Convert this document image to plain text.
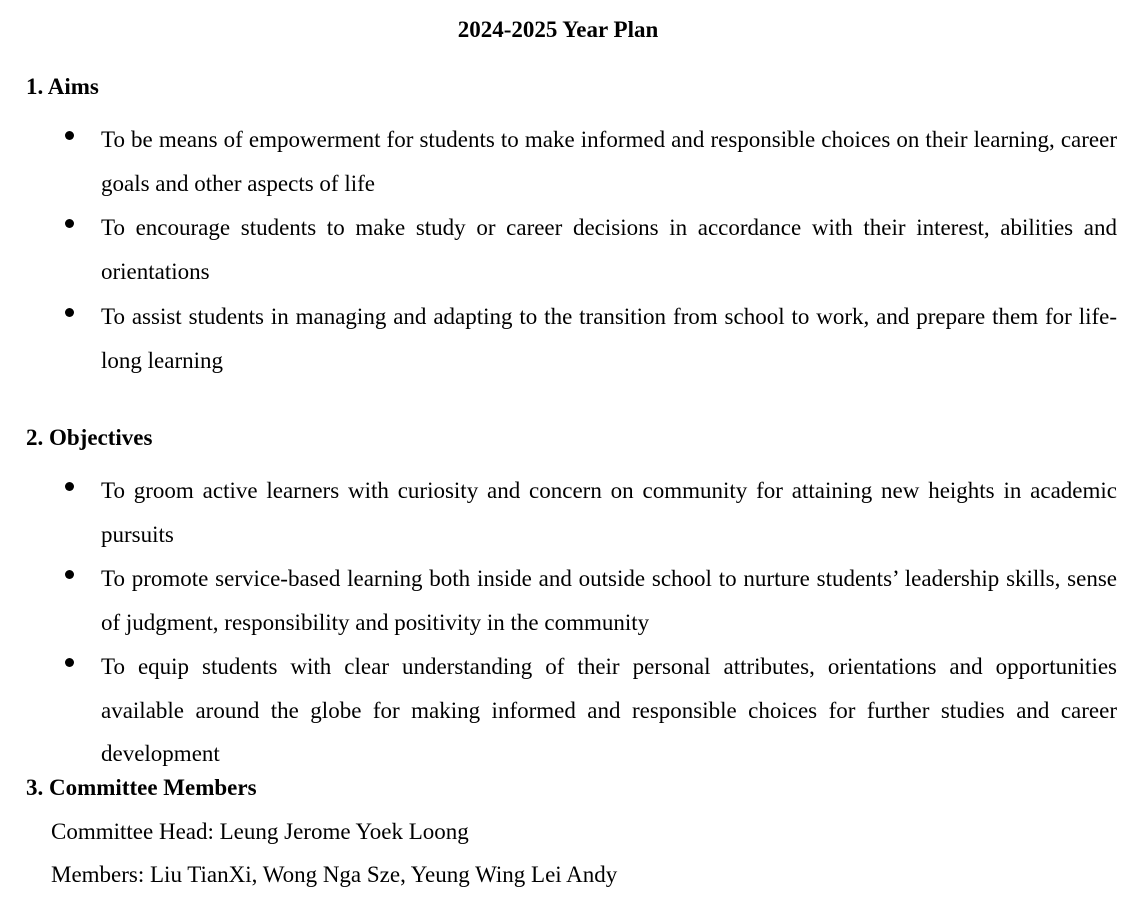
2024-2025 Year Plan
1. Aims
To be means of empowerment for students to make informed and responsible choices on their learning, career goals and other aspects of life
To encourage students to make study or career decisions in accordance with their interest, abilities and orientations
To assist students in managing and adapting to the transition from school to work, and prepare them for life-long learning
2. Objectives
To groom active learners with curiosity and concern on community for attaining new heights in academic pursuits
To promote service-based learning both inside and outside school to nurture students’ leadership skills, sense of judgment, responsibility and positivity in the community
To equip students with clear understanding of their personal attributes, orientations and opportunities available around the globe for making informed and responsible choices for further studies and career development
3. Committee Members
Committee Head: Leung Jerome Yoek Loong
Members: Liu TianXi, Wong Nga Sze, Yeung Wing Lei Andy
